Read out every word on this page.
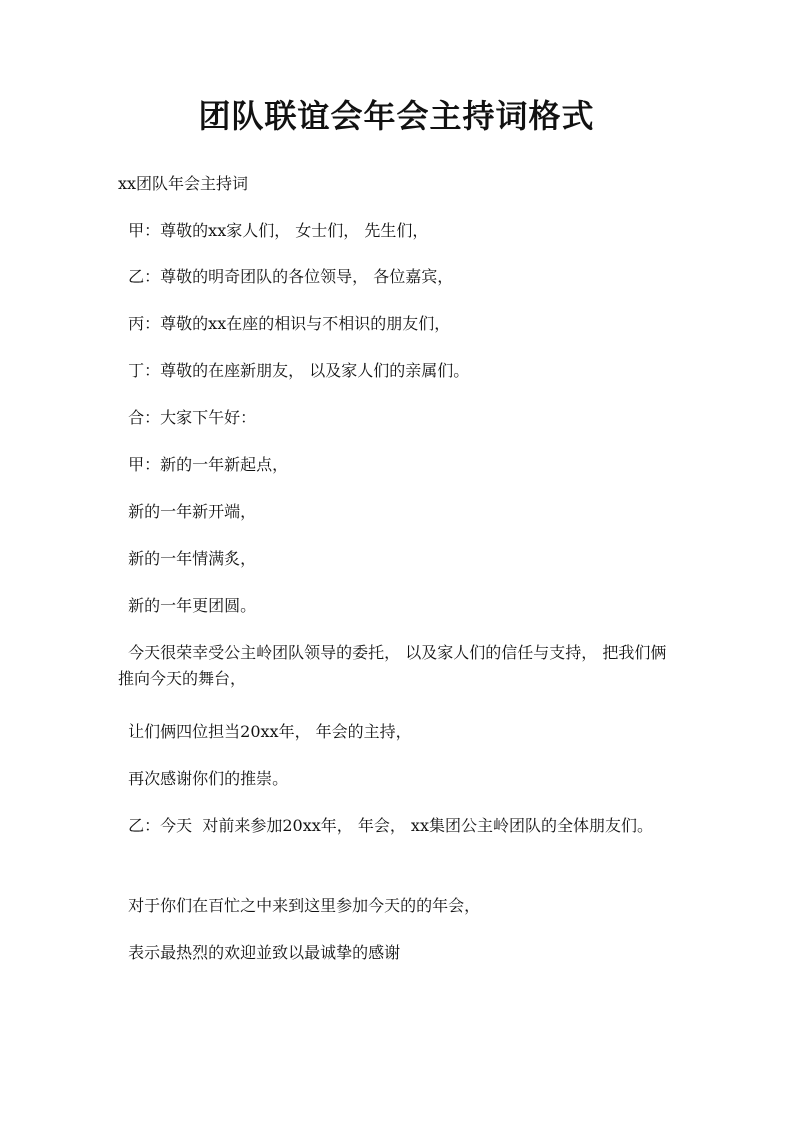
团队联谊会年会主持词格式

xx团队年会主持词

甲：尊敬的xx家人们， 女士们， 先生们，

乙：尊敬的明奇团队的各位领导， 各位嘉宾，

丙：尊敬的xx在座的相识与不相识的朋友们，

丁：尊敬的在座新朋友， 以及家人们的亲属们。

合：大家下午好：

甲：新的一年新起点，

新的一年新开端，

新的一年情满炙，

新的一年更团圆。

今天很荣幸受公主岭团队领导的委托， 以及家人们的信任与支持， 把我们俩推向今天的舞台，

让们俩四位担当20xx年， 年会的主持，

再次感谢你们的推崇。

乙：今天  对前来参加20xx年， 年会， xx集团公主岭团队的全体朋友们。

对于你们在百忙之中来到这里参加今天的的年会，

表示最热烈的欢迎並致以最诚挚的感谢
